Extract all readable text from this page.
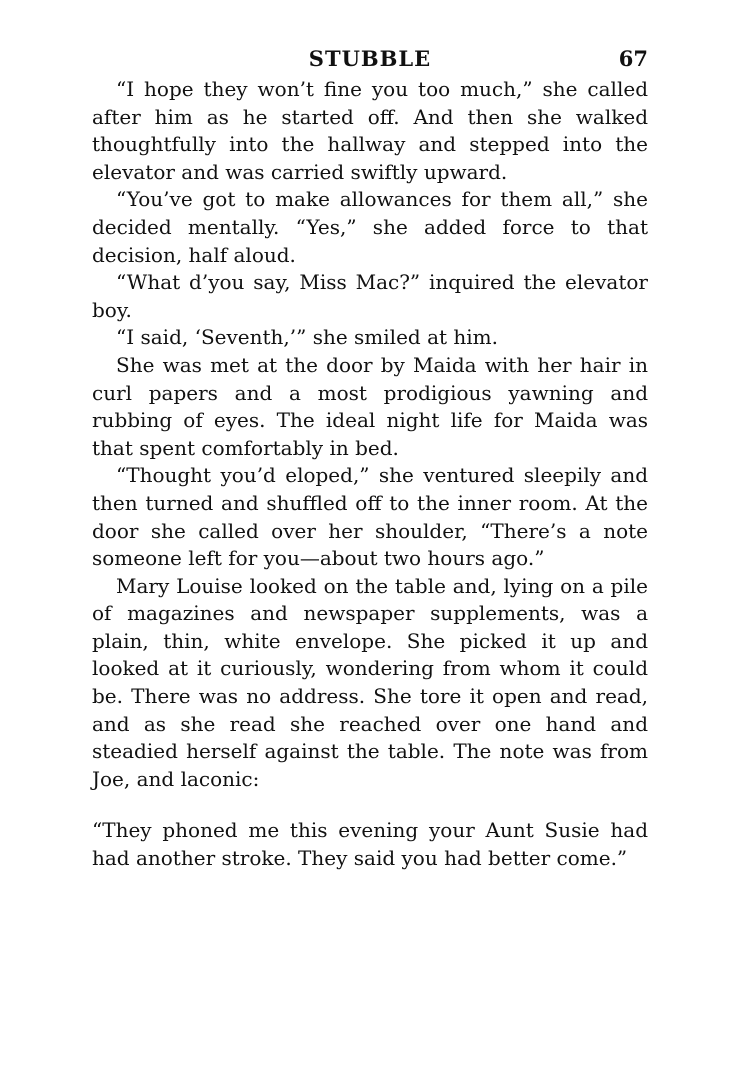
STUBBLE	67

“I hope they won’t fine you too much,” she called after him as he started off. And then she walked thoughtfully into the hallway and stepped into the elevator and was carried swiftly upward.

“You’ve got to make allowances for them all,” she decided mentally. “Yes,” she added force to that decision, half aloud.

“What d’you say, Miss Mac?” inquired the elevator boy.

“I said, ‘Seventh,’” she smiled at him.

She was met at the door by Maida with her hair in curl papers and a most prodigious yawning and rubbing of eyes. The ideal night life for Maida was that spent comfortably in bed.

“Thought you’d eloped,” she ventured sleepily and then turned and shuffled off to the inner room. At the door she called over her shoulder, “There’s a note someone left for you—about two hours ago.”

Mary Louise looked on the table and, lying on a pile of magazines and newspaper supplements, was a plain, thin, white envelope. She picked it up and looked at it curiously, wondering from whom it could be. There was no address. She tore it open and read, and as she read she reached over one hand and steadied herself against the table. The note was from Joe, and laconic:

“They phoned me this evening your Aunt Susie had had another stroke. They said you had better come.”
